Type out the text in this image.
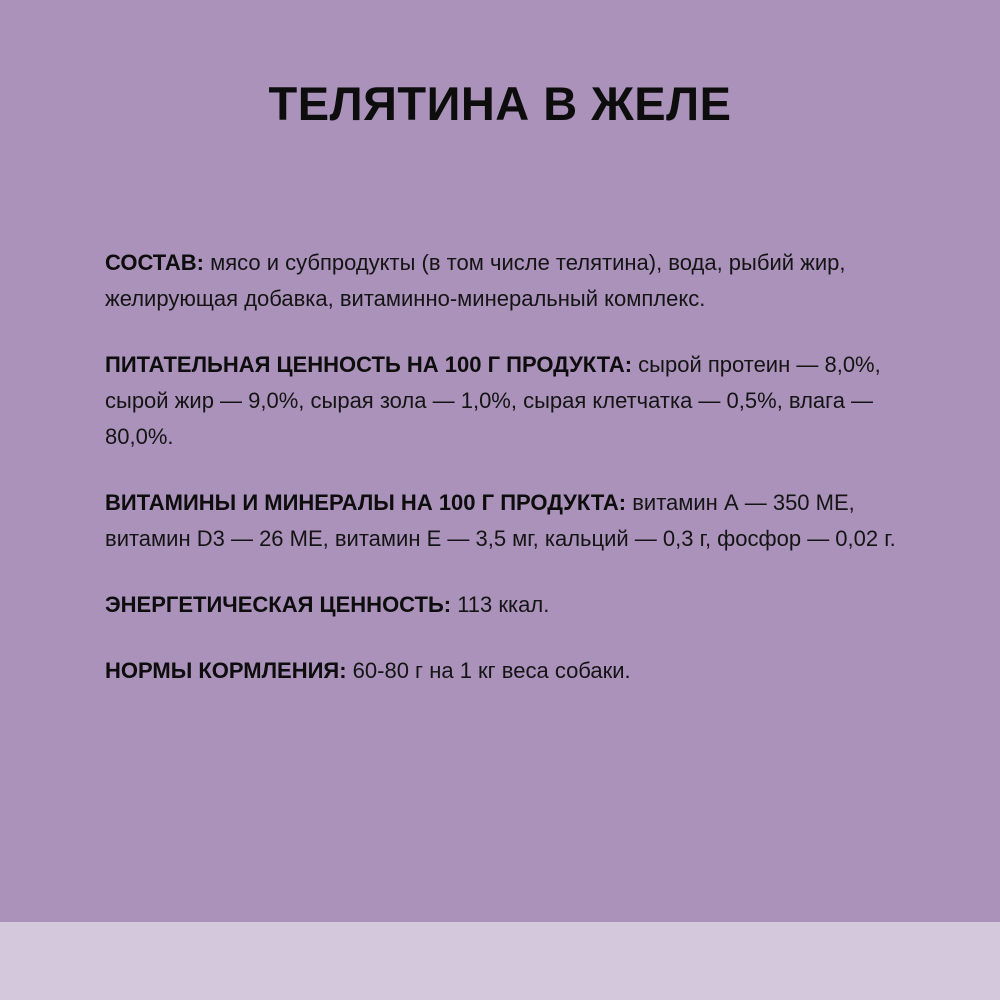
ТЕЛЯТИНА В ЖЕЛЕ

СОСТАВ: мясо и субпродукты (в том числе телятина), вода, рыбий жир, желирующая добавка, витаминно-минеральный комплекс.

ПИТАТЕЛЬНАЯ ЦЕННОСТЬ НА 100 Г ПРОДУКТА: сырой протеин — 8,0%, сырой жир — 9,0%, сырая зола — 1,0%, сырая клетчатка — 0,5%, влага — 80,0%.

ВИТАМИНЫ И МИНЕРАЛЫ НА 100 Г ПРОДУКТА: витамин А — 350 МЕ, витамин D3 — 26 МЕ, витамин Е — 3,5 мг, кальций — 0,3 г, фосфор — 0,02 г.

ЭНЕРГЕТИЧЕСКАЯ ЦЕННОСТЬ: 113 ккал.

НОРМЫ КОРМЛЕНИЯ: 60-80 г на 1 кг веса собаки.
